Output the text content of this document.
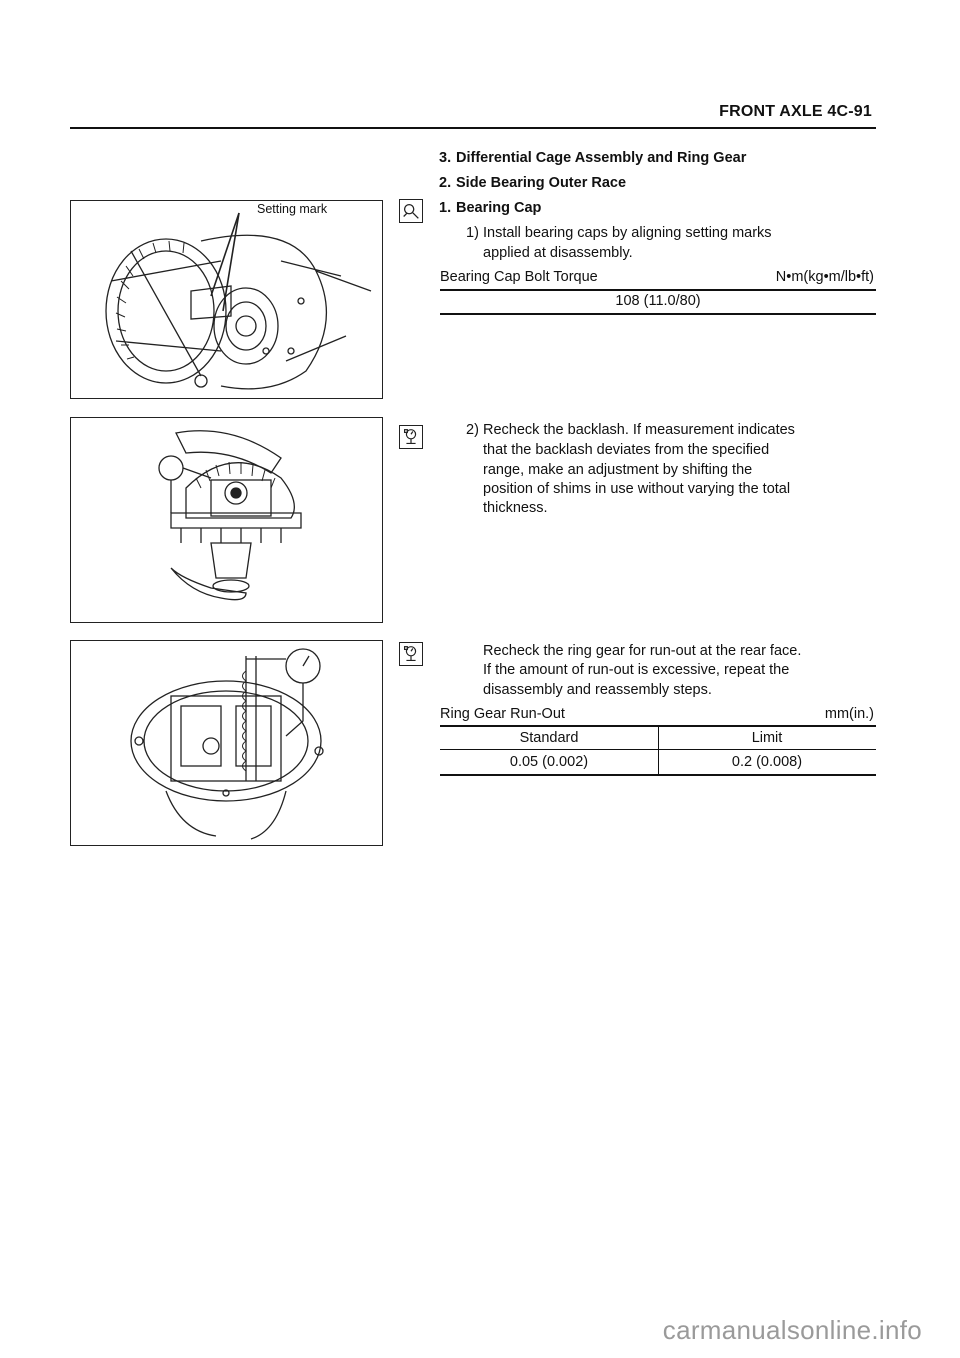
FRONT AXLE 4C-91
Setting mark
3. Differential Cage Assembly and Ring Gear
2. Side Bearing Outer Race
1. Bearing Cap
1) Install bearing caps by aligning setting marks
applied at disassembly.
Bearing Cap Bolt Torque	N•m(kg•m/lb•ft)
108 (11.0/80)
2) Recheck the backlash. If measurement indicates
that the backlash deviates from the specified
range, make an adjustment by shifting the
position of shims in use without varying the total
thickness.
Recheck the ring gear for run-out at the rear face.
If the amount of run-out is excessive, repeat the
disassembly and reassembly steps.
Ring Gear Run-Out	mm(in.)
Standard	Limit
0.05 (0.002)	0.2 (0.008)
carmanualsonline.info
